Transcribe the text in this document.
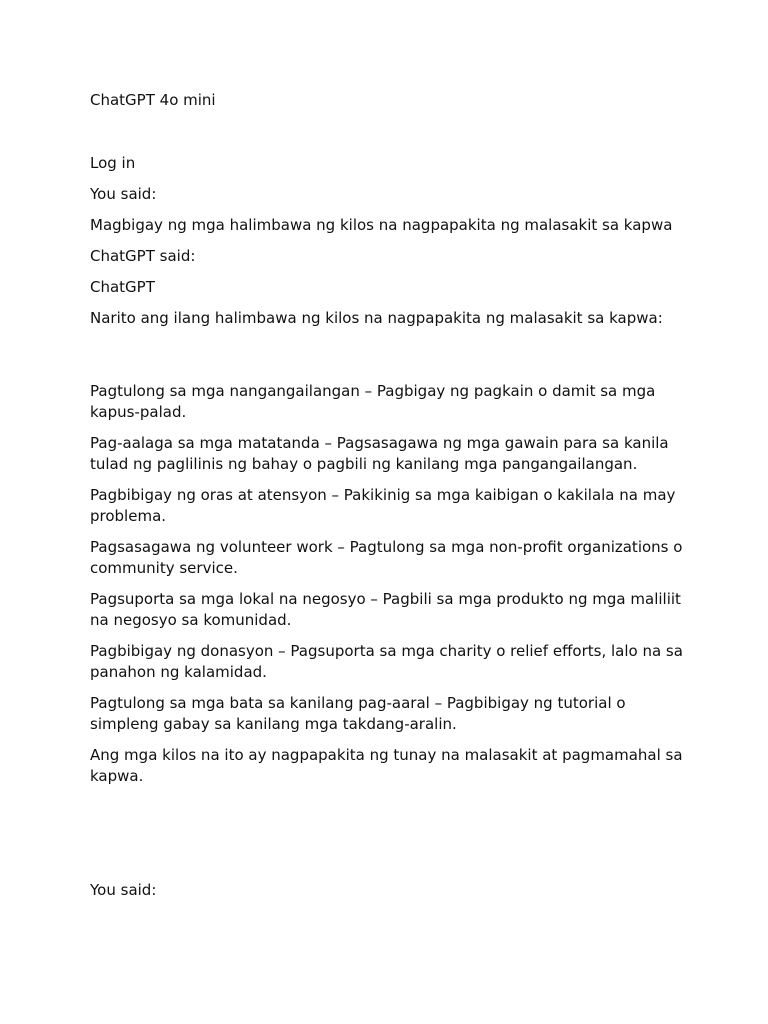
ChatGPT 4o mini

Log in

You said:

Magbigay ng mga halimbawa ng kilos na nagpapakita ng malasakit sa kapwa

ChatGPT said:

ChatGPT

Narito ang ilang halimbawa ng kilos na nagpapakita ng malasakit sa kapwa:

Pagtulong sa mga nangangailangan – Pagbigay ng pagkain o damit sa mga kapus-palad.

Pag-aalaga sa mga matatanda – Pagsasagawa ng mga gawain para sa kanila tulad ng paglilinis ng bahay o pagbili ng kanilang mga pangangailangan.

Pagbibigay ng oras at atensyon – Pakikinig sa mga kaibigan o kakilala na may problema.

Pagsasagawa ng volunteer work – Pagtulong sa mga non-profit organizations o community service.

Pagsuporta sa mga lokal na negosyo – Pagbili sa mga produkto ng mga maliliit na negosyo sa komunidad.

Pagbibigay ng donasyon – Pagsuporta sa mga charity o relief efforts, lalo na sa panahon ng kalamidad.

Pagtulong sa mga bata sa kanilang pag-aaral – Pagbibigay ng tutorial o simpleng gabay sa kanilang mga takdang-aralin.

Ang mga kilos na ito ay nagpapakita ng tunay na malasakit at pagmamahal sa kapwa.

You said:
